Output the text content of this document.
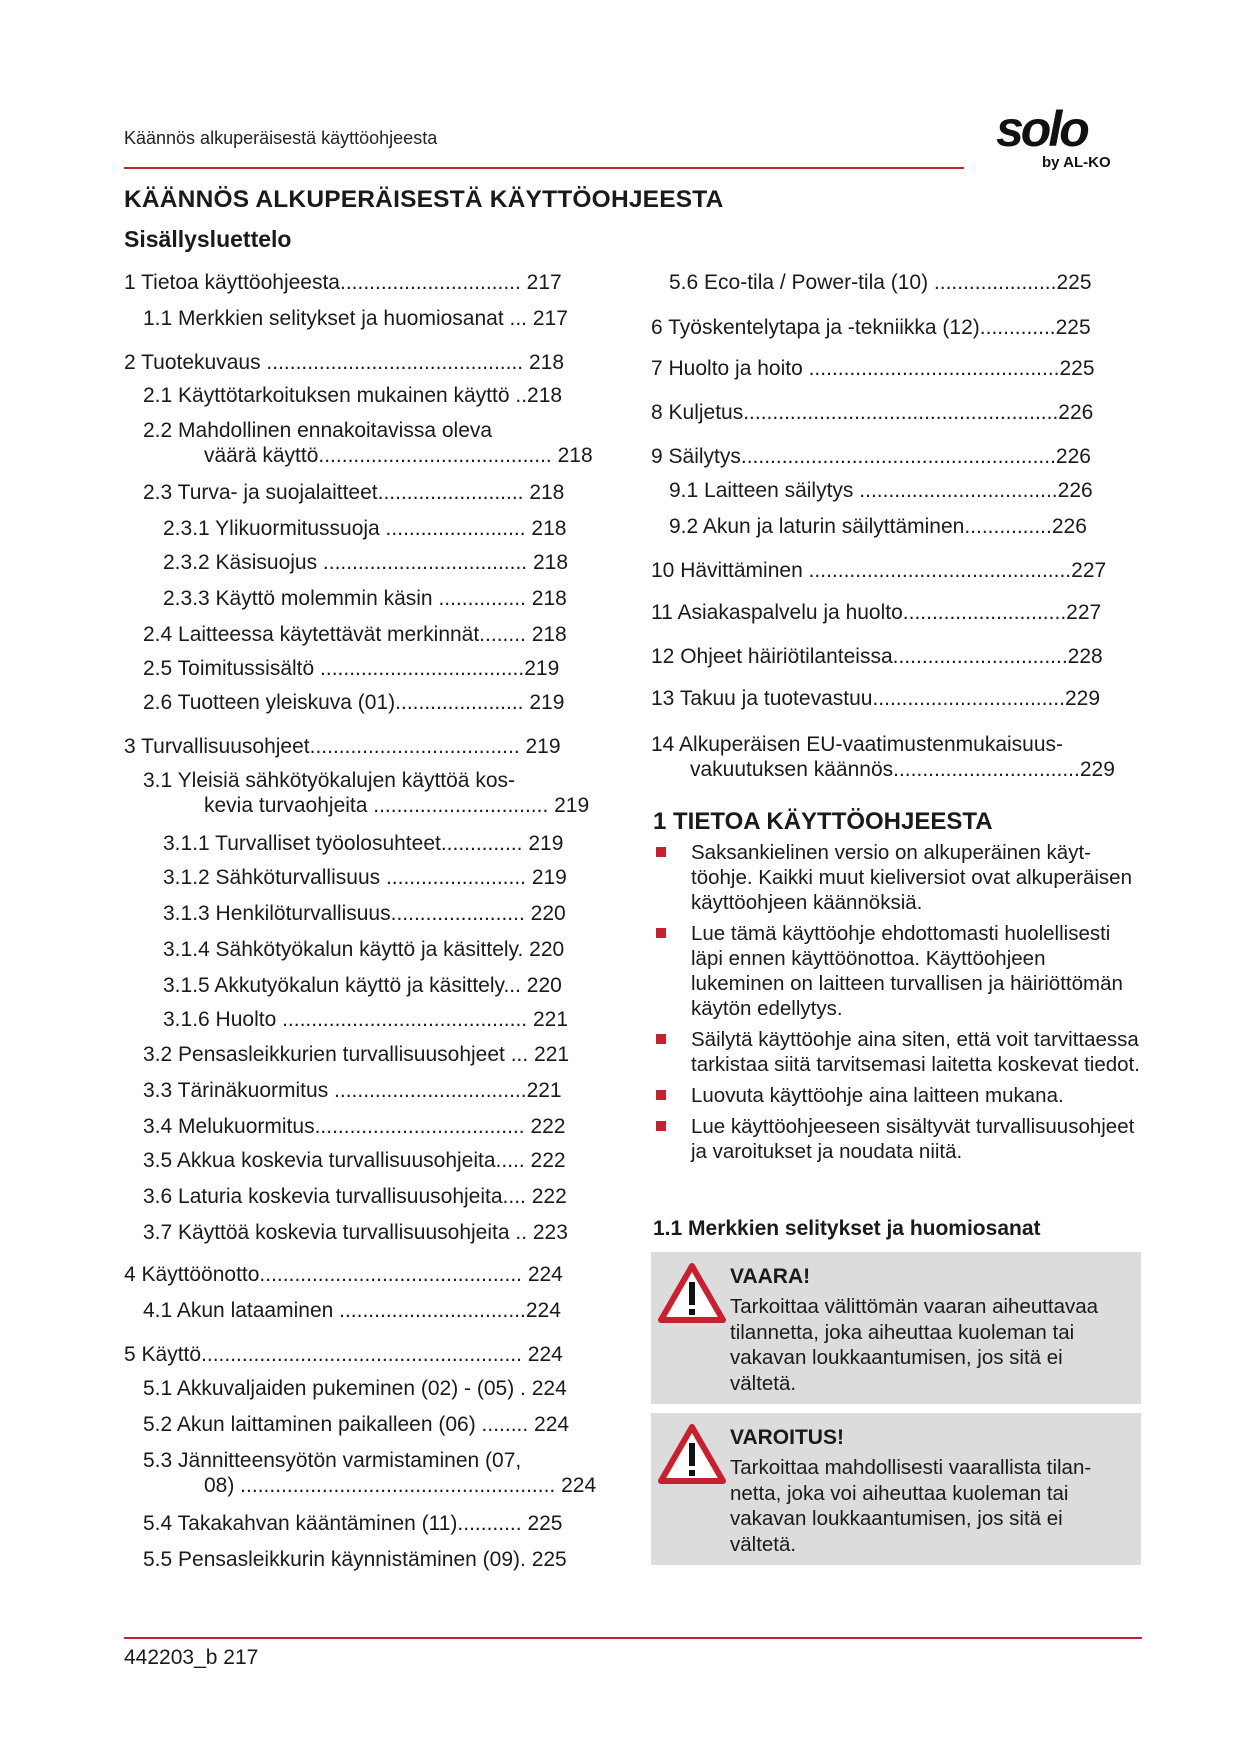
Käännös alkuperäisestä käyttöohjeesta	solo
by AL-KO
KÄÄNNÖS ALKUPERÄISESTÄ KÄYTTÖOHJEESTA
Sisällysluettelo
1 Tietoa käyttöohjeesta............................... 217
1.1 Merkkien selitykset ja huomiosanat ... 217
2 Tuotekuvaus ............................................ 218
2.1 Käyttötarkoituksen mukainen käyttö ..218
2.2 Mahdollinen ennakoitavissa oleva
väärä käyttö........................................ 218
2.3 Turva- ja suojalaitteet......................... 218
2.3.1 Ylikuormitussuoja ........................ 218
2.3.2 Käsisuojus ................................... 218
2.3.3 Käyttö molemmin käsin ............... 218
2.4 Laitteessa käytettävät merkinnät........ 218
2.5 Toimitussisältö ...................................219
2.6 Tuotteen yleiskuva (01)...................... 219
3 Turvallisuusohjeet.................................... 219
3.1 Yleisiä sähkötyökalujen käyttöä kos-
kevia turvaohjeita .............................. 219
3.1.1 Turvalliset työolosuhteet.............. 219
3.1.2 Sähköturvallisuus ........................ 219
3.1.3 Henkilöturvallisuus....................... 220
3.1.4 Sähkötyökalun käyttö ja käsittely. 220
3.1.5 Akkutyökalun käyttö ja käsittely... 220
3.1.6 Huolto .......................................... 221
3.2 Pensasleikkurien turvallisuusohjeet ... 221
3.3 Tärinäkuormitus .................................221
3.4 Melukuormitus.................................... 222
3.5 Akkua koskevia turvallisuusohjeita..... 222
3.6 Laturia koskevia turvallisuusohjeita.... 222
3.7 Käyttöä koskevia turvallisuusohjeita .. 223
4 Käyttöönotto............................................. 224
4.1 Akun lataaminen ................................224
5 Käyttö....................................................... 224
5.1 Akkuvaljaiden pukeminen (02) - (05) . 224
5.2 Akun laittaminen paikalleen (06) ........ 224
5.3 Jännitteensyötön varmistaminen (07,
08) ...................................................... 224
5.4 Takakahvan kääntäminen (11)........... 225
5.5 Pensasleikkurin käynnistäminen (09). 225
5.6 Eco-tila / Power-tila (10) .....................225
6 Työskentelytapa ja -tekniikka (12).............225
7 Huolto ja hoito ...........................................225
8 Kuljetus......................................................226
9 Säilytys......................................................226
9.1 Laitteen säilytys ..................................226
9.2 Akun ja laturin säilyttäminen...............226
10 Hävittäminen .............................................227
11 Asiakaspalvelu ja huolto............................227
12 Ohjeet häiriötilanteissa..............................228
13 Takuu ja tuotevastuu.................................229
14 Alkuperäisen EU-vaatimustenmukaisuus-
vakuutuksen käännös................................229
1 TIETOA KÄYTTÖOHJEESTA
Saksankielinen versio on alkuperäinen käyttöohje. Kaikki muut kieliversiot ovat alkuperäisen käyttöohjeen käännöksiä.
Lue tämä käyttöohje ehdottomasti huolellisesti läpi ennen käyttöönottoa. Käyttöohjeen lukeminen on laitteen turvallisen ja häiriöttömän käytön edellytys.
Säilytä käyttöohje aina siten, että voit tarvittaessa tarkistaa siitä tarvitsemasi laitetta koskevat tiedot.
Luovuta käyttöohje aina laitteen mukana.
Lue käyttöohjeeseen sisältyvät turvallisuusohjeet ja varoitukset ja noudata niitä.
1.1 Merkkien selitykset ja huomiosanat
VAARA!
Tarkoittaa välittömän vaaran aiheuttavaa tilannetta, joka aiheuttaa kuoleman tai vakavan loukkaantumisen, jos sitä ei vältetä.
VAROITUS!
Tarkoittaa mahdollisesti vaarallista tilannetta, joka voi aiheuttaa kuoleman tai vakavan loukkaantumisen, jos sitä ei vältetä.
442203_b 217
